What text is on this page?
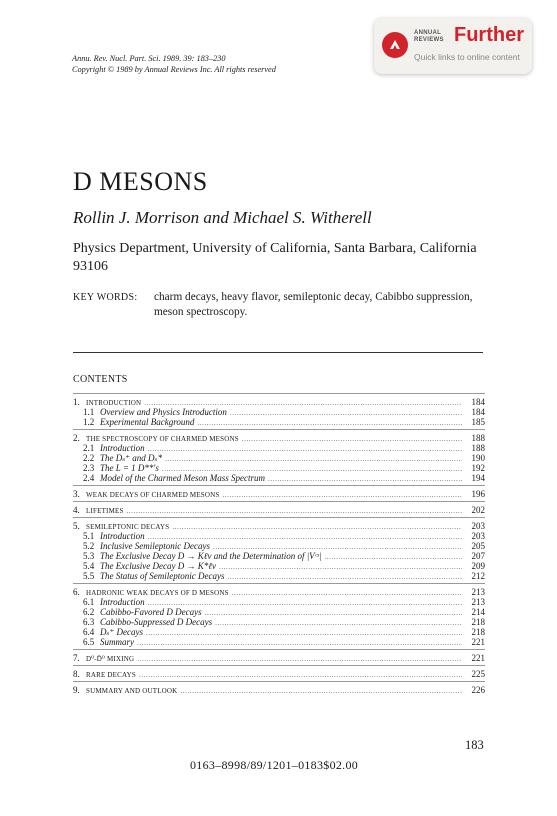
Annu. Rev. Nucl. Part. Sci. 1989. 39: 183–230
Copyright © 1989 by Annual Reviews Inc. All rights reserved
ANNUAL
REVIEWS Further
Quick links to online content
D MESONS
Rollin J. Morrison and Michael S. Witherell
Physics Department, University of California, Santa Barbara, California 93106
KEY WORDS: charm decays, heavy flavor, semileptonic decay, Cabibbo suppression, meson spectroscopy.
CONTENTS
1. INTRODUCTION .....	184
1.1 Overview and Physics Introduction .....	184
1.2 Experimental Background .....	185
2. THE SPECTROSCOPY OF CHARMED MESONS .....	188
2.1 Introduction .....	188
2.2 The Dₛ⁺ and Dₛ* .....	190
2.3 The L = 1 D**'s .....	192
2.4 Model of the Charmed Meson Mass Spectrum .....	194
3. WEAK DECAYS OF CHARMED MESONS .....	196
4. LIFETIMES .....	202
5. SEMILEPTONIC DECAYS .....	203
5.1 Introduction .....	203
5.2 Inclusive Semileptonic Decays .....	205
5.3 The Exclusive Decay D → Kℓv and the Determination of |Vᶜˢ| .....	207
5.4 The Exclusive Decay D → K*ℓv .....	209
5.5 The Status of Semileptonic Decays .....	212
6. HADRONIC WEAK DECAYS OF D MESONS .....	213
6.1 Introduction .....	213
6.2 Cabibbo-Favored D Decays .....	214
6.3 Cabibbo-Suppressed D Decays .....	218
6.4 Dₛ⁺ Decays .....	218
6.5 Summary .....	221
7. D⁰-D̄⁰ MIXING .....	221
8. RARE DECAYS .....	225
9. SUMMARY AND OUTLOOK .....	226
183
0163–8998/89/1201–0183$02.00
